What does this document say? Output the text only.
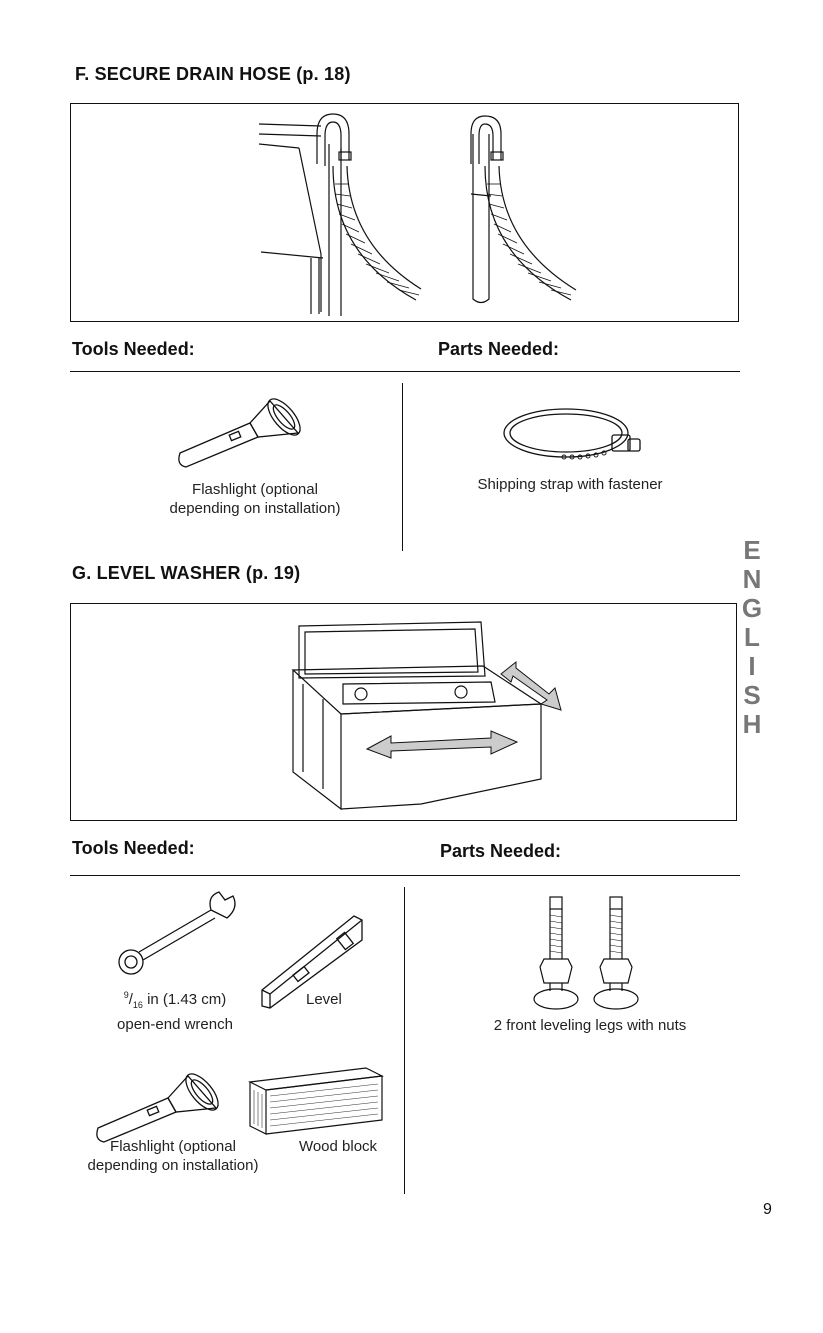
F. SECURE DRAIN HOSE (p. 18)
Tools Needed:	Parts Needed:
Flashlight (optional
depending on installation)
Shipping strap with fastener
G. LEVEL WASHER (p. 19)
Tools Needed:	Parts Needed:
$^9/_{16}$ in (1.43 cm)
open-end wrench
Level
Flashlight (optional
depending on installation)
Wood block
2 front leveling legs with nuts
ENGLISH
9
